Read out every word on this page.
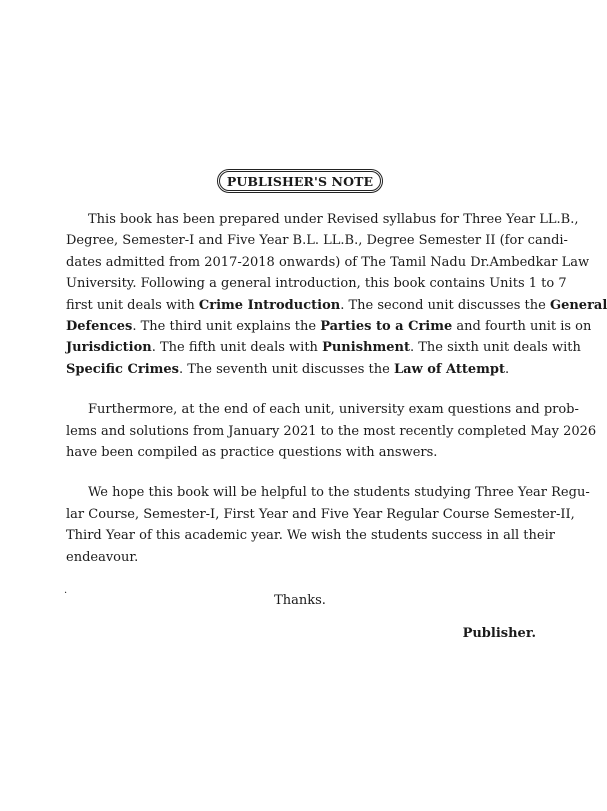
PUBLISHER'S NOTE
This book has been prepared under Revised syllabus for Three Year LL.B.,
Degree, Semester-I and Five Year B.L. LL.B., Degree Semester II (for candi-
dates admitted from 2017-2018 onwards) of The Tamil Nadu Dr.Ambedkar Law
University. Following a general introduction, this book contains Units 1 to 7
first unit deals with Crime Introduction. The second unit discusses the General
Defences. The third unit explains the Parties to a Crime and fourth unit is on
Jurisdiction. The fifth unit deals with Punishment. The sixth unit deals with
Specific Crimes. The seventh unit discusses the Law of Attempt.
Furthermore, at the end of each unit, university exam questions and prob-
lems and solutions from January 2021 to the most recently completed May 2026
have been compiled as practice questions with answers.
We hope this book will be helpful to the students studying Three Year Regu-
lar Course, Semester-I, First Year and Five Year Regular Course Semester-II,
Third Year of this academic year. We wish the students success in all their
endeavour.
.
Thanks.
Publisher.
